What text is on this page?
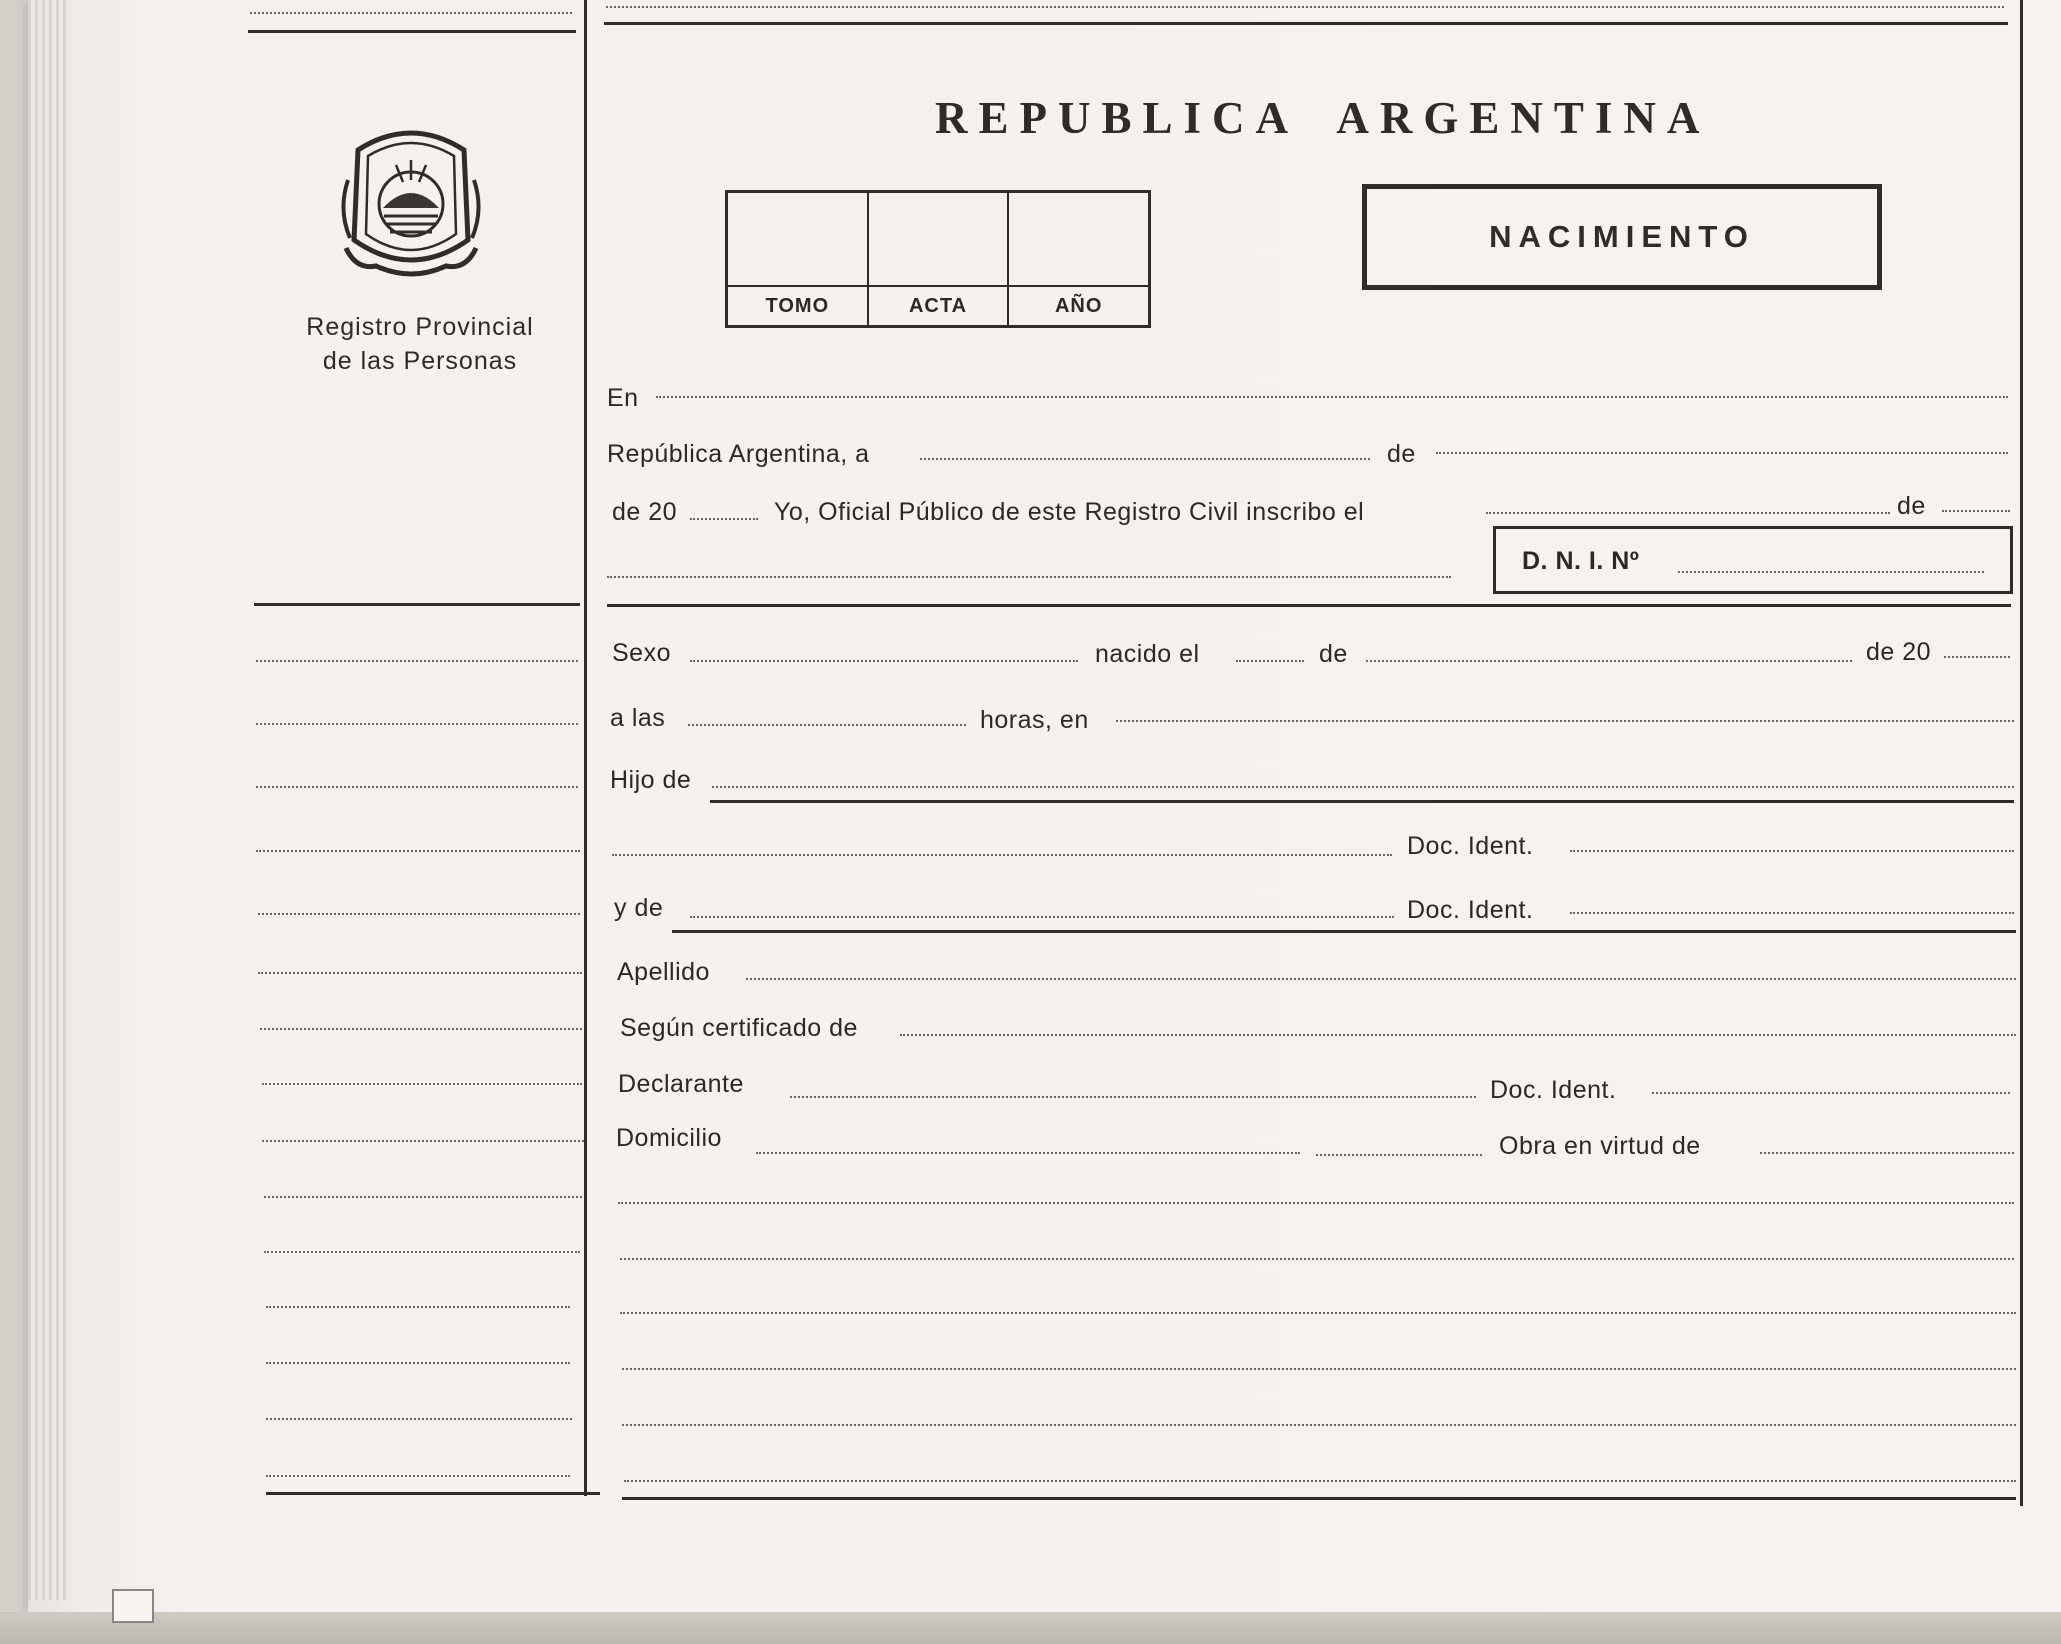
Registro Provincial
de las Personas
REPUBLICA ARGENTINA
TOMO	ACTA	AÑO
NACIMIENTO
En
República Argentina, a	de
de 20	Yo, Oficial Público de este Registro Civil inscribo el	de
D. N. I. Nº
Sexo	nacido el	de	de 20
a las	horas, en
Hijo de
Doc. Ident.
y de	Doc. Ident.
Apellido
Según certificado de
Declarante	Doc. Ident.
Domicilio	Obra en virtud de
